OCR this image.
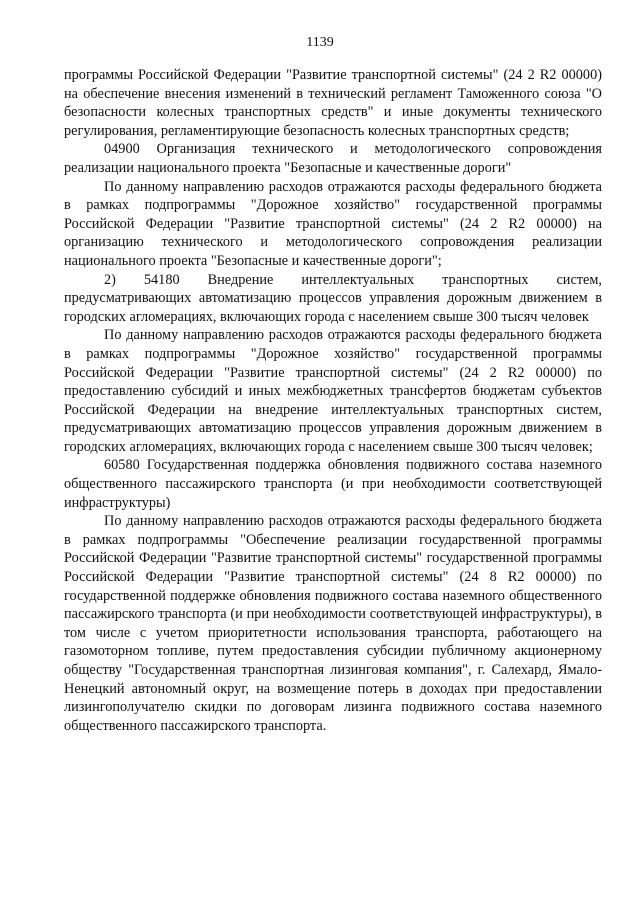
1139

программы Российской Федерации "Развитие транспортной системы" (24 2 R2 00000) на обеспечение внесения изменений в технический регламент Таможенного союза "О безопасности колесных транспортных средств" и иные документы технического регулирования, регламентирующие безопасность колесных транспортных средств;

04900 Организация технического и методологического сопровождения реализации национального проекта "Безопасные и качественные дороги"

По данному направлению расходов отражаются расходы федерального бюджета в рамках подпрограммы "Дорожное хозяйство" государственной программы Российской Федерации "Развитие транспортной системы" (24 2 R2 00000) на организацию технического и методологического сопровождения реализации национального проекта "Безопасные и качественные дороги";

2) 54180 Внедрение интеллектуальных транспортных систем, предусматривающих автоматизацию процессов управления дорожным движением в городских агломерациях, включающих города с населением свыше 300 тысяч человек

По данному направлению расходов отражаются расходы федерального бюджета в рамках подпрограммы "Дорожное хозяйство" государственной программы Российской Федерации "Развитие транспортной системы" (24 2 R2 00000) по предоставлению субсидий и иных межбюджетных трансфертов бюджетам субъектов Российской Федерации на внедрение интеллектуальных транспортных систем, предусматривающих автоматизацию процессов управления дорожным движением в городских агломерациях, включающих города с населением свыше 300 тысяч человек;

60580 Государственная поддержка обновления подвижного состава наземного общественного пассажирского транспорта (и при необходимости соответствующей инфраструктуры)

По данному направлению расходов отражаются расходы федерального бюджета в рамках подпрограммы "Обеспечение реализации государственной программы Российской Федерации "Развитие транспортной системы" государственной программы Российской Федерации "Развитие транспортной системы" (24 8 R2 00000) по государственной поддержке обновления подвижного состава наземного общественного пассажирского транспорта (и при необходимости соответствующей инфраструктуры), в том числе с учетом приоритетности использования транспорта, работающего на газомоторном топливе, путем предоставления субсидии публичному акционерному обществу "Государственная транспортная лизинговая компания", г. Салехард, Ямало-Ненецкий автономный округ, на возмещение потерь в доходах при предоставлении лизингополучателю скидки по договорам лизинга подвижного состава наземного общественного пассажирского транспорта.
